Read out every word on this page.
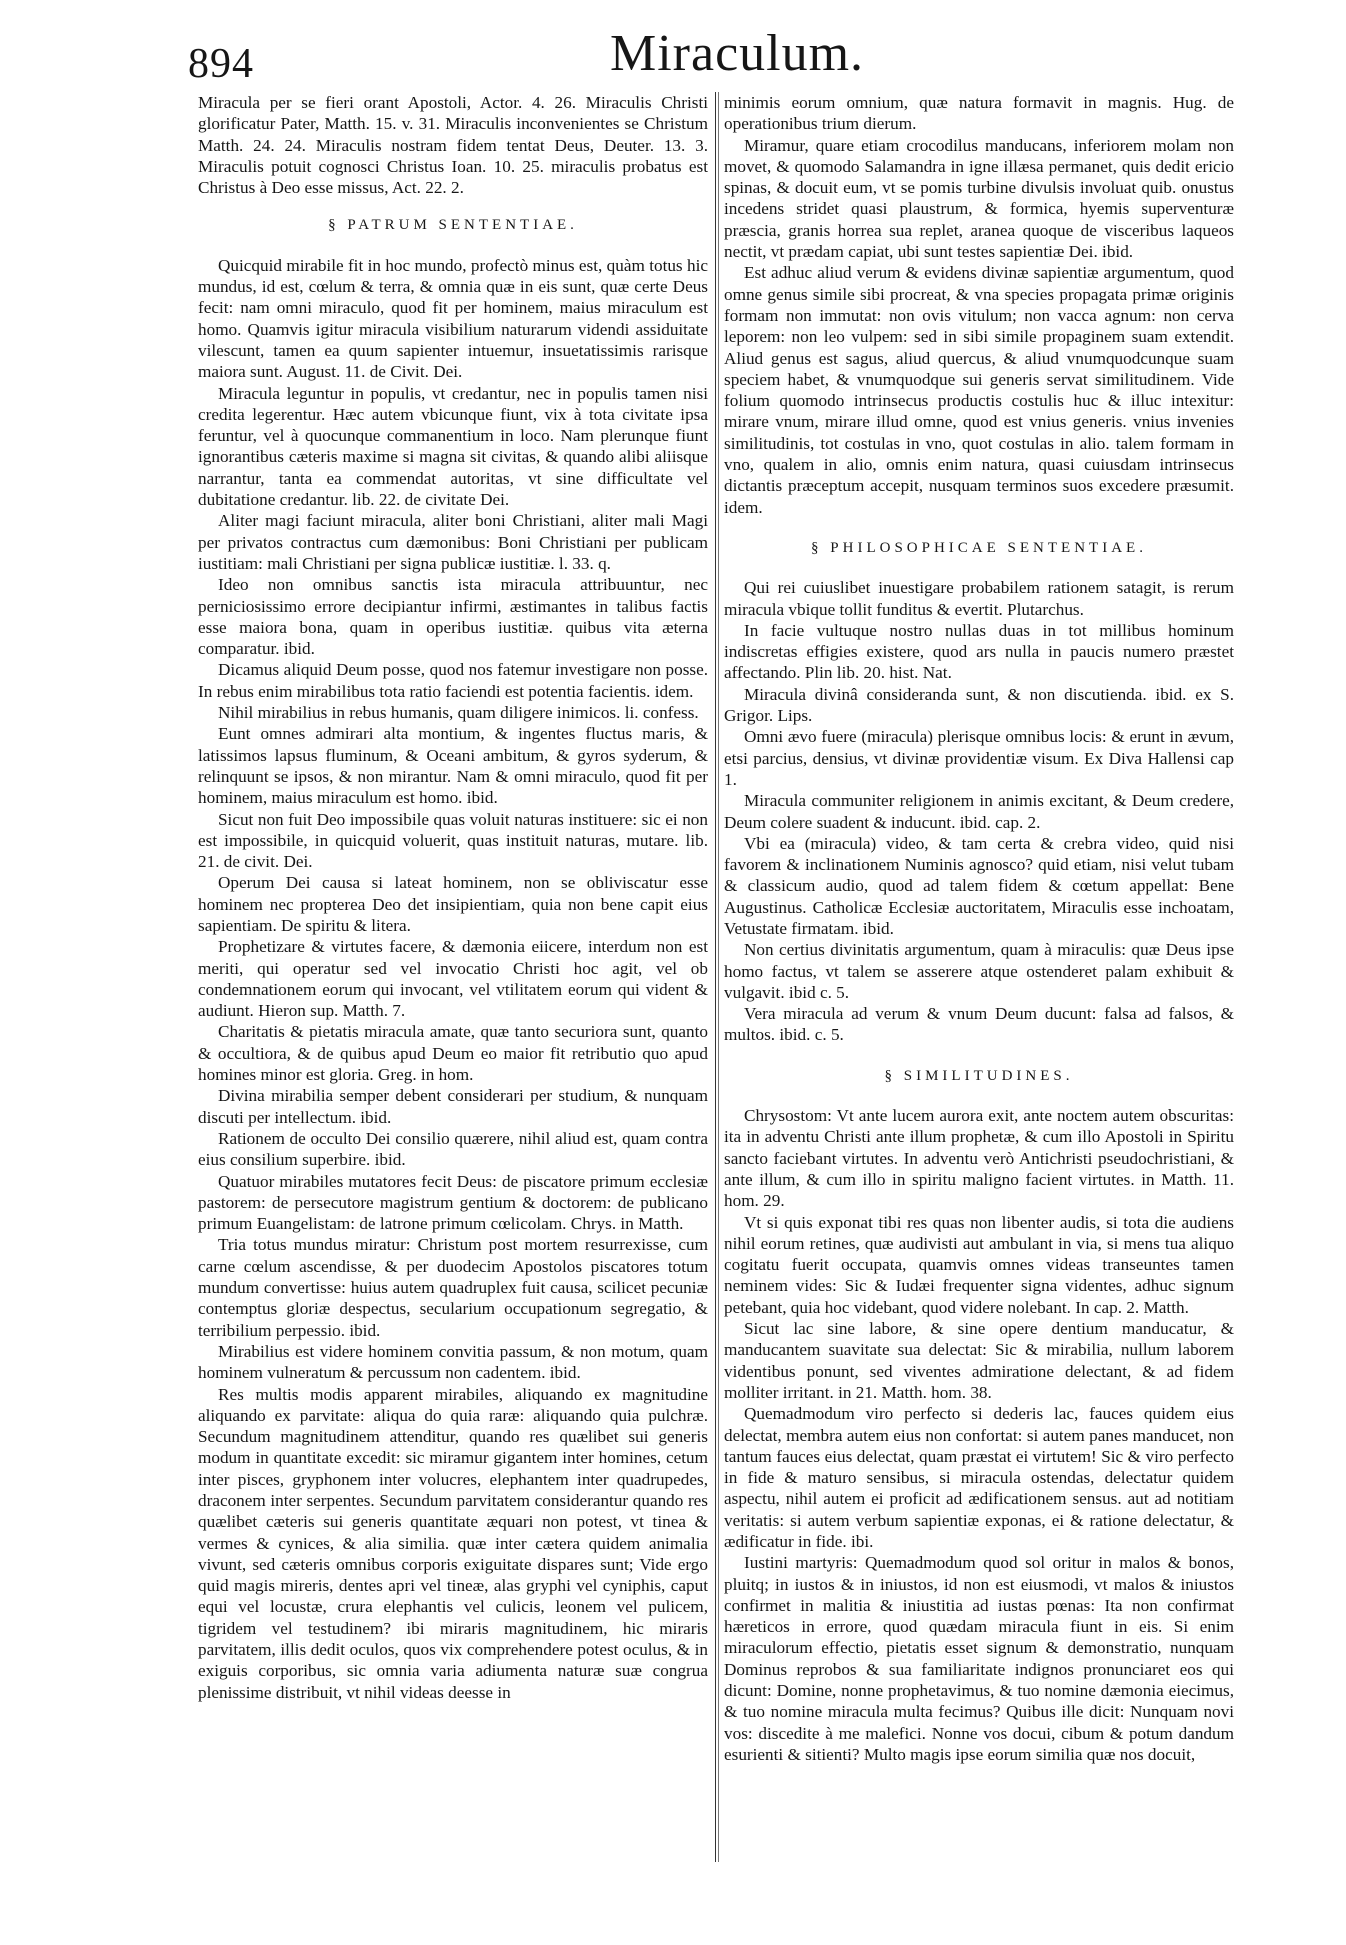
894	Miraculum.

Miracula per se fieri orant Apostoli, Actor. 4. 26. Miraculis Christi glorificatur Pater, Matth. 15. v. 31. Miraculis inconvenientes se Christum Matth. 24. 24. Miraculis nostram fidem tentat Deus, Deuter. 13. 3. Miraculis potuit cognosci Christus Ioan. 10. 25. miraculis probatus est Christus à Deo esse missus, Act. 22. 2.

§ PATRUM SENTENTIAE.

Quicquid mirabile fit in hoc mundo, profectò minus est, quàm totus hic mundus, id est, cœlum & terra, & omnia quæ in eis sunt, quæ certe Deus fecit: nam omni miraculo, quod fit per hominem, maius miraculum est homo. Quamvis igitur miracula visibilium naturarum videndi assiduitate vilescunt, tamen ea quum sapienter intuemur, insuetatissimis rarisque maiora sunt. August. 11. de Civit. Dei.

Miracula leguntur in populis, vt credantur, nec in populis tamen nisi credita legerentur. Hæc autem vbicunque fiunt, vix à tota civitate ipsa feruntur, vel à quocunque commanentium in loco. Nam plerunque fiunt ignorantibus cæteris maxime si magna sit civitas, & quando alibi aliisque narrantur, tanta ea commendat autoritas, vt sine difficultate vel dubitatione credantur. lib. 22. de civitate Dei.

Aliter magi faciunt miracula, aliter boni Christiani, aliter mali Magi per privatos contractus cum dæmonibus: Boni Christiani per publicam iustitiam: mali Christiani per signa publicæ iustitiæ. l. 33. q.

Ideo non omnibus sanctis ista miracula attribuuntur, nec perniciosissimo errore decipiantur infirmi, æstimantes in talibus factis esse maiora bona, quam in operibus iustitiæ. quibus vita æterna comparatur. ibid.

Dicamus aliquid Deum posse, quod nos fatemur investigare non posse. In rebus enim mirabilibus tota ratio faciendi est potentia facientis. idem.

Nihil mirabilius in rebus humanis, quam diligere inimicos. li. confess.

Eunt omnes admirari alta montium, & ingentes fluctus maris, & latissimos lapsus fluminum, & Oceani ambitum, & gyros syderum, & relinquunt se ipsos, & non mirantur. Nam & omni miraculo, quod fit per hominem, maius miraculum est homo. ibid.

Sicut non fuit Deo impossibile quas voluit naturas instituere: sic ei non est impossibile, in quicquid voluerit, quas instituit naturas, mutare. lib. 21. de civit. Dei.

Operum Dei causa si lateat hominem, non se obliviscatur esse hominem nec propterea Deo det insipientiam, quia non bene capit eius sapientiam. De spiritu & litera.

Prophetizare & virtutes facere, & dæmonia eiicere, interdum non est meriti, qui operatur sed vel invocatio Christi hoc agit, vel ob condemnationem eorum qui invocant, vel vtilitatem eorum qui vident & audiunt. Hieron sup. Matth. 7.

Charitatis & pietatis miracula amate, quæ tanto securiora sunt, quanto & occultiora, & de quibus apud Deum eo maior fit retributio quo apud homines minor est gloria. Greg. in hom.

Divina mirabilia semper debent considerari per studium, & nunquam discuti per intellectum. ibid.

Rationem de occulto Dei consilio quærere, nihil aliud est, quam contra eius consilium superbire. ibid.

Quatuor mirabiles mutatores fecit Deus: de piscatore primum ecclesiæ pastorem: de persecutore magistrum gentium & doctorem: de publicano primum Euangelistam: de latrone primum cœlicolam. Chrys. in Matth.

Tria totus mundus miratur: Christum post mortem resurrexisse, cum carne cœlum ascendisse, & per duodecim Apostolos piscatores totum mundum convertisse: huius autem quadruplex fuit causa, scilicet pecuniæ contemptus gloriæ despectus, secularium occupationum segregatio, & terribilium perpessio. ibid.

Mirabilius est videre hominem convitia passum, & non motum, quam hominem vulneratum & percussum non cadentem. ibid.

Res multis modis apparent mirabiles, aliquando ex magnitudine aliquando ex parvitate: aliqua do quia raræ: aliquando quia pulchræ. Secundum magnitudinem attenditur, quando res quælibet sui generis modum in quantitate excedit: sic miramur gigantem inter homines, cetum inter pisces, gryphonem inter volucres, elephantem inter quadrupedes, draconem inter serpentes. Secundum parvitatem considerantur quando res quælibet cæteris sui generis quantitate æquari non potest, vt tinea & vermes & cynices, & alia similia. quæ inter cætera quidem animalia vivunt, sed cæteris omnibus corporis exiguitate dispares sunt; Vide ergo quid magis mireris, dentes apri vel tineæ, alas gryphi vel cyniphis, caput equi vel locustæ, crura elephantis vel culicis, leonem vel pulicem, tigridem vel testudinem? ibi miraris magnitudinem, hic miraris parvitatem, illis dedit oculos, quos vix comprehendere potest oculus, & in exiguis corporibus, sic omnia varia adiumenta naturæ suæ congrua plenissime distribuit, vt nihil videas deesse in

minimis eorum omnium, quæ natura formavit in magnis. Hug. de operationibus trium dierum.

Miramur, quare etiam crocodilus manducans, inferiorem molam non movet, & quomodo Salamandra in igne illæsa permanet, quis dedit ericio spinas, & docuit eum, vt se pomis turbine divulsis involuat quib. onustus incedens stridet quasi plaustrum, & formica, hyemis superventuræ præscia, granis horrea sua replet, aranea quoque de visceribus laqueos nectit, vt prædam capiat, ubi sunt testes sapientiæ Dei. ibid.

Est adhuc aliud verum & evidens divinæ sapientiæ argumentum, quod omne genus simile sibi procreat, & vna species propagata primæ originis formam non immutat: non ovis vitulum; non vacca agnum: non cerva leporem: non leo vulpem: sed in sibi simile propaginem suam extendit. Aliud genus est sagus, aliud quercus, & aliud vnumquodcunque suam speciem habet, & vnumquodque sui generis servat similitudinem. Vide folium quomodo intrinsecus productis costulis huc & illuc intexitur: mirare vnum, mirare illud omne, quod est vnius generis. vnius invenies similitudinis, tot costulas in vno, quot costulas in alio. talem formam in vno, qualem in alio, omnis enim natura, quasi cuiusdam intrinsecus dictantis præceptum accepit, nusquam terminos suos excedere præsumit. idem.

§ PHILOSOPHICAE SENTENTIAE.

Qui rei cuiuslibet inuestigare probabilem rationem satagit, is rerum miracula vbique tollit funditus & evertit. Plutarchus.

In facie vultuque nostro nullas duas in tot millibus hominum indiscretas effigies existere, quod ars nulla in paucis numero præstet affectando. Plin lib. 20. hist. Nat.

Miracula divinâ consideranda sunt, & non discutienda. ibid. ex S. Grigor. Lips.

Omni ævo fuere (miracula) plerisque omnibus locis: & erunt in ævum, etsi parcius, densius, vt divinæ providentiæ visum. Ex Diva Hallensi cap 1.

Miracula communiter religionem in animis excitant, & Deum credere, Deum colere suadent & inducunt. ibid. cap. 2.

Vbi ea (miracula) video, & tam certa & crebra video, quid nisi favorem & inclinationem Numinis agnosco? quid etiam, nisi velut tubam & classicum audio, quod ad talem fidem & cœtum appellat: Bene Augustinus. Catholicæ Ecclesiæ auctoritatem, Miraculis esse inchoatam, Vetustate firmatam. ibid.

Non certius divinitatis argumentum, quam à miraculis: quæ Deus ipse homo factus, vt talem se asserere atque ostenderet palam exhibuit & vulgavit. ibid c. 5.

Vera miracula ad verum & vnum Deum ducunt: falsa ad falsos, & multos. ibid. c. 5.

§ SIMILITUDINES.

Chrysostom: Vt ante lucem aurora exit, ante noctem autem obscuritas: ita in adventu Christi ante illum prophetæ, & cum illo Apostoli in Spiritu sancto faciebant virtutes. In adventu verò Antichristi pseudochristiani, & ante illum, & cum illo in spiritu maligno facient virtutes. in Matth. 11. hom. 29.

Vt si quis exponat tibi res quas non libenter audis, si tota die audiens nihil eorum retines, quæ audivisti aut ambulant in via, si mens tua aliquo cogitatu fuerit occupata, quamvis omnes videas transeuntes tamen neminem vides: Sic & Iudæi frequenter signa videntes, adhuc signum petebant, quia hoc videbant, quod videre nolebant. In cap. 2. Matth.

Sicut lac sine labore, & sine opere dentium manducatur, & manducantem suavitate sua delectat: Sic & mirabilia, nullum laborem videntibus ponunt, sed viventes admiratione delectant, & ad fidem molliter irritant. in 21. Matth. hom. 38.

Quemadmodum viro perfecto si dederis lac, fauces quidem eius delectat, membra autem eius non confortat: si autem panes manducet, non tantum fauces eius delectat, quam præstat ei virtutem! Sic & viro perfecto in fide & maturo sensibus, si miracula ostendas, delectatur quidem aspectu, nihil autem ei proficit ad ædificationem sensus. aut ad notitiam veritatis: si autem verbum sapientiæ exponas, ei & ratione delectatur, & ædificatur in fide. ibi.

Iustini martyris: Quemadmodum quod sol oritur in malos & bonos, pluitq; in iustos & in iniustos, id non est eiusmodi, vt malos & iniustos confirmet in malitia & iniustitia ad iustas pœnas: Ita non confirmat hæreticos in errore, quod quædam miracula fiunt in eis. Si enim miraculorum effectio, pietatis esset signum & demonstratio, nunquam Dominus reprobos & sua familiaritate indignos pronunciaret eos qui dicunt: Domine, nonne prophetavimus, & tuo nomine dæmonia eiecimus, & tuo nomine miracula multa fecimus? Quibus ille dicit: Nunquam novi vos: discedite à me malefici. Nonne vos docui, cibum & potum dandum esurienti & sitienti? Multo magis ipse eorum similia quæ nos docuit,
